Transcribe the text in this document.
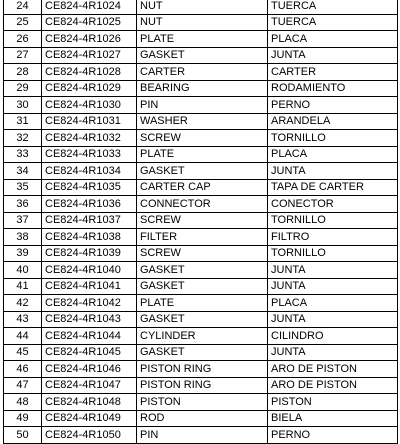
24	CE824-4R1024	NUT	TUERCA
25	CE824-4R1025	NUT	TUERCA
26	CE824-4R1026	PLATE	PLACA
27	CE824-4R1027	GASKET	JUNTA
28	CE824-4R1028	CARTER	CARTER
29	CE824-4R1029	BEARING	RODAMIENTO
30	CE824-4R1030	PIN	PERNO
31	CE824-4R1031	WASHER	ARANDELA
32	CE824-4R1032	SCREW	TORNILLO
33	CE824-4R1033	PLATE	PLACA
34	CE824-4R1034	GASKET	JUNTA
35	CE824-4R1035	CARTER CAP	TAPA DE CARTER
36	CE824-4R1036	CONNECTOR	CONECTOR
37	CE824-4R1037	SCREW	TORNILLO
38	CE824-4R1038	FILTER	FILTRO
39	CE824-4R1039	SCREW	TORNILLO
40	CE824-4R1040	GASKET	JUNTA
41	CE824-4R1041	GASKET	JUNTA
42	CE824-4R1042	PLATE	PLACA
43	CE824-4R1043	GASKET	JUNTA
44	CE824-4R1044	CYLINDER	CILINDRO
45	CE824-4R1045	GASKET	JUNTA
46	CE824-4R1046	PISTON RING	ARO DE PISTON
47	CE824-4R1047	PISTON RING	ARO DE PISTON
48	CE824-4R1048	PISTON	PISTON
49	CE824-4R1049	ROD	BIELA
50	CE824-4R1050	PIN	PERNO
